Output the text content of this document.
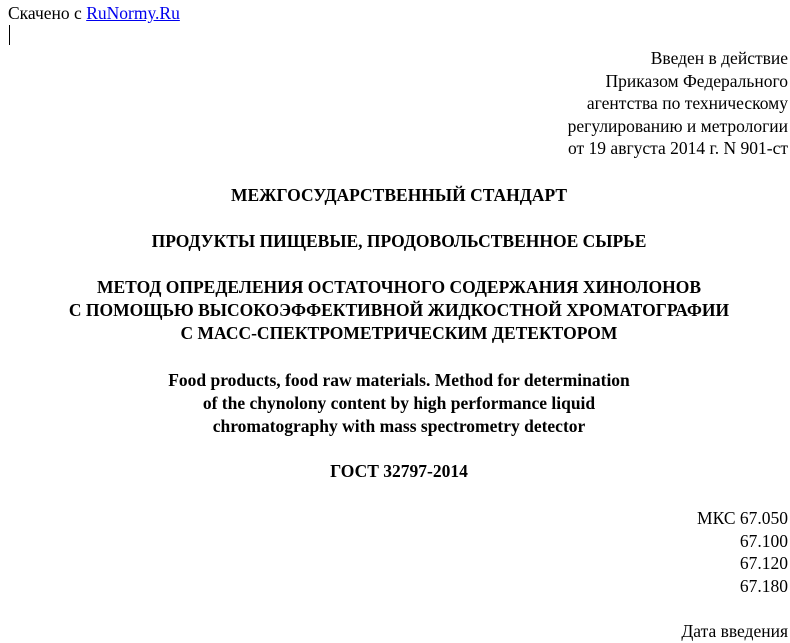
Скачено с RuNormy.Ru
Введен в действие
Приказом Федерального
агентства по техническому
регулированию и метрологии
от 19 августа 2014 г. N 901-ст
МЕЖГОСУДАРСТВЕННЫЙ СТАНДАРТ
ПРОДУКТЫ ПИЩЕВЫЕ, ПРОДОВОЛЬСТВЕННОЕ СЫРЬЕ
МЕТОД ОПРЕДЕЛЕНИЯ ОСТАТОЧНОГО СОДЕРЖАНИЯ ХИНОЛОНОВ
С ПОМОЩЬЮ ВЫСОКОЭФФЕКТИВНОЙ ЖИДКОСТНОЙ ХРОМАТОГРАФИИ
С МАСС-СПЕКТРОМЕТРИЧЕСКИМ ДЕТЕКТОРОМ
Food products, food raw materials. Method for determination
of the chynolony content by high performance liquid
chromatography with mass spectrometry detector
ГОСТ 32797-2014
МКС 67.050
67.100
67.120
67.180
Дата введения
